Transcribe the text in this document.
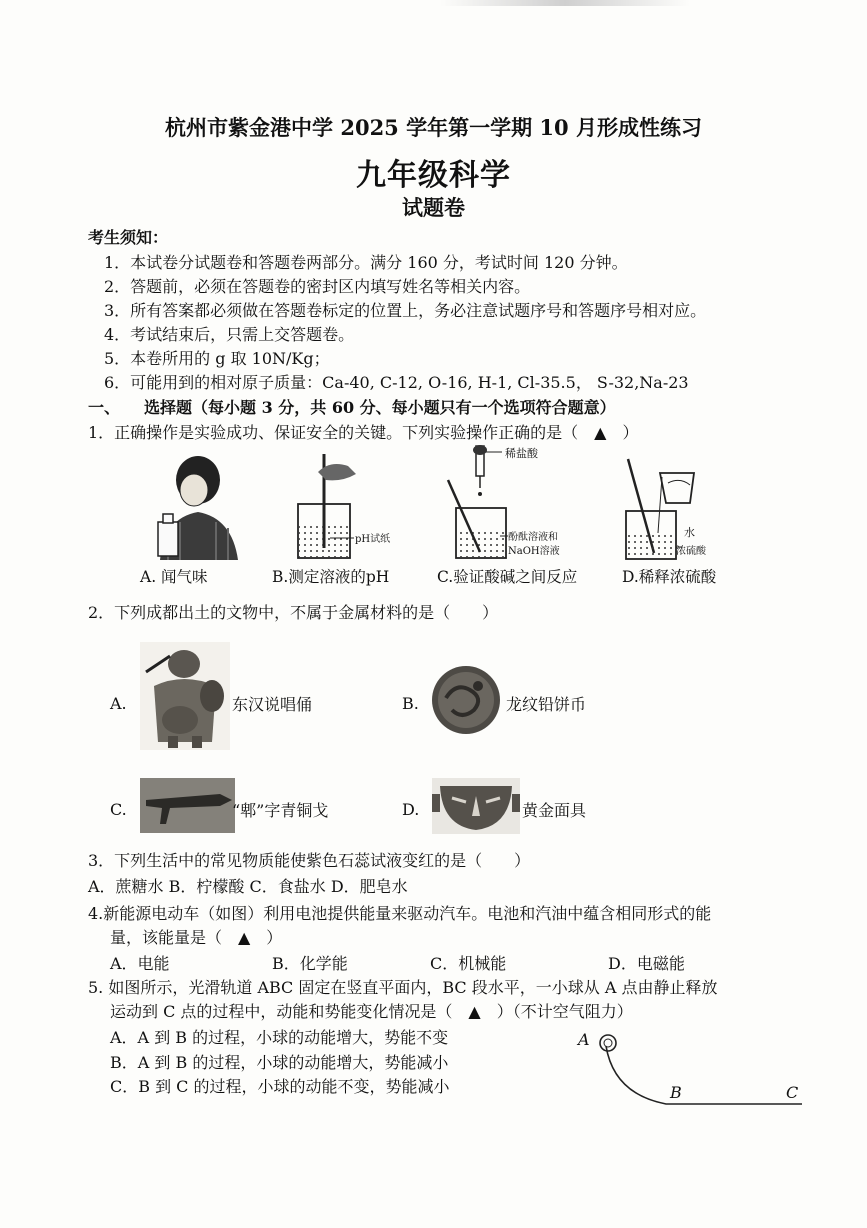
杭州市紫金港中学 2025 学年第一学期 10 月形成性练习
九年级科学
试题卷
考生须知：
1．本试卷分试题卷和答题卷两部分。满分 160 分，考试时间 120 分钟。
2．答题前，必须在答题卷的密封区内填写姓名等相关内容。
3．所有答案都必须做在答题卷标定的位置上，务必注意试题序号和答题序号相对应。
4．考试结束后，只需上交答题卷。
5．本卷所用的 g 取 10N/Kg；
6．可能用到的相对原子质量：Ca-40, C-12, O-16, H-1, Cl-35.5， S-32,Na-23
一、　　选择题（每小题 3 分，共 60 分、每小题只有一个选项符合题意）
1．正确操作是实验成功、保证安全的关键。下列实验操作正确的是（　▲　）
A. 闻气味
pH试纸
B.测定溶液的pH
稀盐酸
酚酞溶液和
NaOH溶液
C.验证酸碱之间反应
水
浓硫酸
D.稀释浓硫酸
2．下列成都出土的文物中，不属于金属材料的是（　　）
A.	东汉说唱俑	B.	龙纹铅饼币
C.	“郫”字青铜戈	D.	黄金面具
3．下列生活中的常见物质能使紫色石蕊试液变红的是（　　）
A．蔗糖水 B．柠檬酸 C．食盐水 D．肥皂水
4.新能源电动车（如图）利用电池提供能量来驱动汽车。电池和汽油中蕴含相同形式的能
量，该能量是（　▲　）
A．电能	B．化学能	C．机械能	D．电磁能
5. 如图所示，光滑轨道 ABC 固定在竖直平面内，BC 段水平，一小球从 A 点由静止释放
运动到 C 点的过程中，动能和势能变化情况是（　▲　）（不计空气阻力）
A．A 到 B 的过程，小球的动能增大，势能不变
B．A 到 B 的过程，小球的动能增大，势能减小
C．B 到 C 的过程，小球的动能不变，势能减小
A
B	C
